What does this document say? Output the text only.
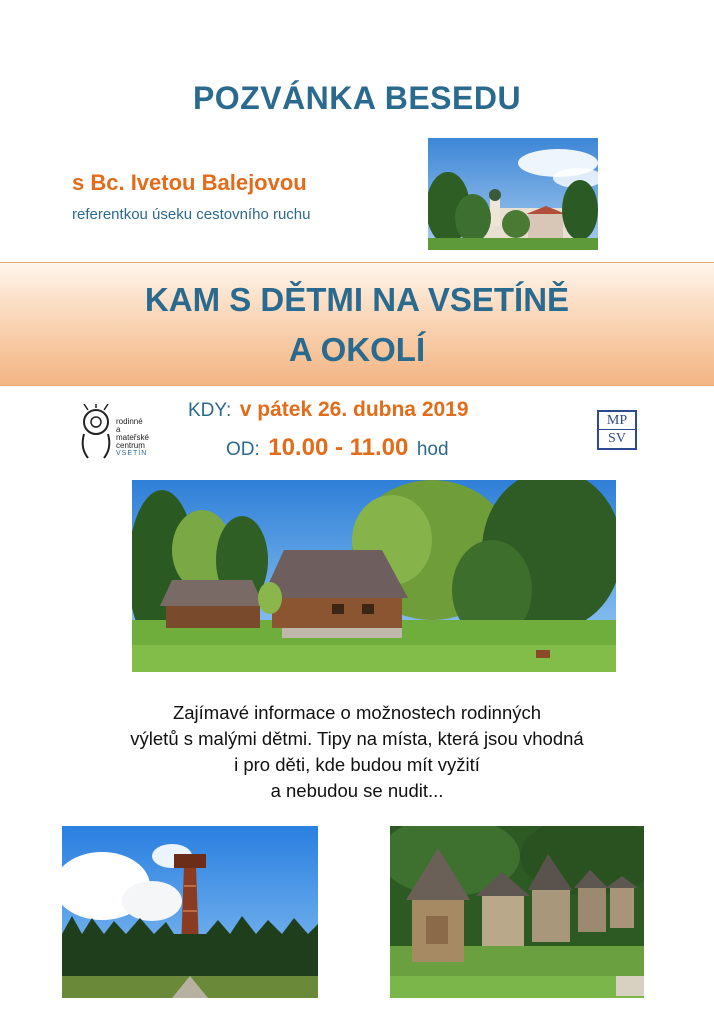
POZVÁNKA BESEDU
s Bc. Ivetou Balejovou
referentkou úseku cestovního ruchu
KAM S DĚTMI NA VSETÍNĚ
A OKOLÍ
rodinné
a
mateřské
centrum
VSETÍN
KDY: v pátek 26. dubna 2019
OD: 10.00 - 11.00 hod
MP
SV
Zajímavé informace o možnostech rodinných
výletů s malými dětmi. Tipy na místa, která jsou vhodná
i pro děti, kde budou mít vyžití
a nebudou se nudit...
